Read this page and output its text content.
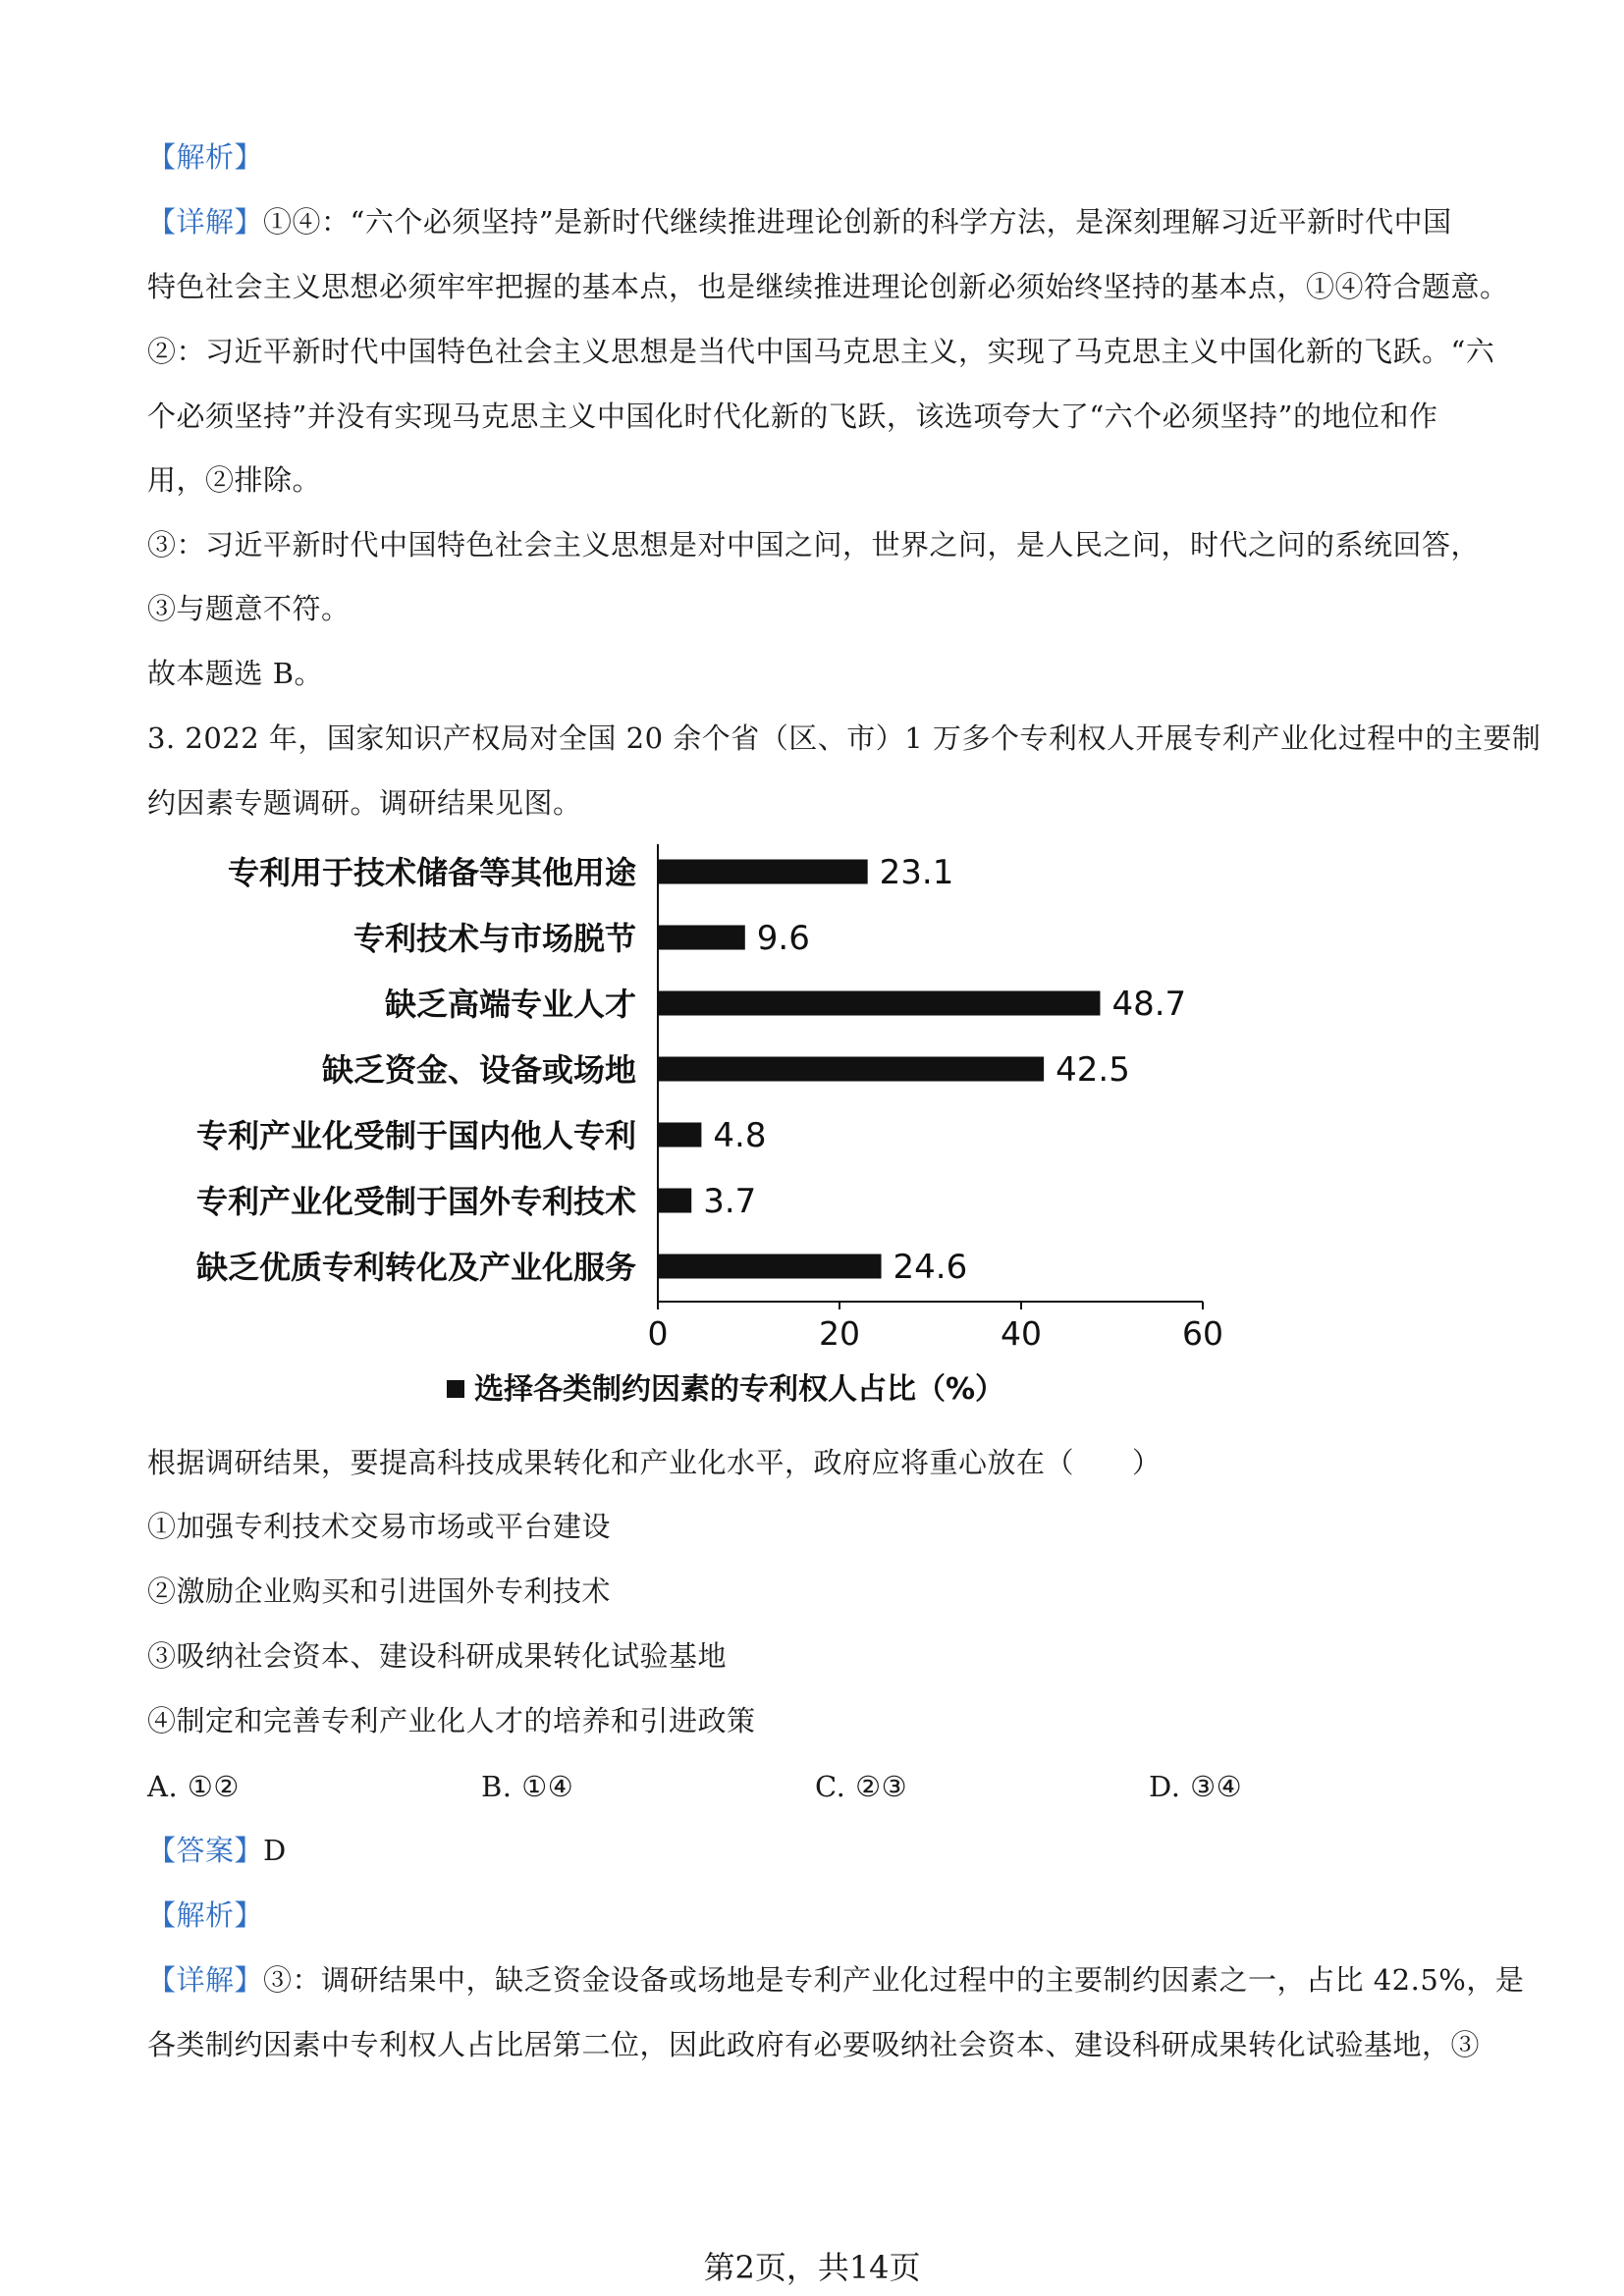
【解析】
【详解】①④：“六个必须坚持”是新时代继续推进理论创新的科学方法，是深刻理解习近平新时代中国
特色社会主义思想必须牢牢把握的基本点，也是继续推进理论创新必须始终坚持的基本点，①④符合题意。
②：习近平新时代中国特色社会主义思想是当代中国马克思主义，实现了马克思主义中国化新的飞跃。“六
个必须坚持”并没有实现马克思主义中国化时代化新的飞跃，该选项夸大了“六个必须坚持”的地位和作
用，②排除。
③：习近平新时代中国特色社会主义思想是对中国之问，世界之问，是人民之问，时代之问的系统回答，
③与题意不符。
故本题选 B。
3. 2022 年，国家知识产权局对全国 20 余个省（区、市）1 万多个专利权人开展专利产业化过程中的主要制
约因素专题调研。调研结果见图。
专利用于技术储备等其他用途
专利技术与市场脱节
缺乏高端专业人才
缺乏资金、设备或场地
专利产业化受制于国内他人专利
专利产业化受制于国外专利技术
缺乏优质专利转化及产业化服务
23.1
9.6
48.7
42.5
4.8
3.7
24.6
0	20	40	60
选择各类制约因素的专利权人占比（%）
根据调研结果，要提高科技成果转化和产业化水平，政府应将重心放在（　　）
①加强专利技术交易市场或平台建设
②激励企业购买和引进国外专利技术
③吸纳社会资本、建设科研成果转化试验基地
④制定和完善专利产业化人才的培养和引进政策
A. ①②	B. ①④	C. ②③	D. ③④
【答案】D
【解析】
【详解】③：调研结果中，缺乏资金设备或场地是专利产业化过程中的主要制约因素之一，占比 42.5%，是
各类制约因素中专利权人占比居第二位，因此政府有必要吸纳社会资本、建设科研成果转化试验基地，③
第2页，共14页
